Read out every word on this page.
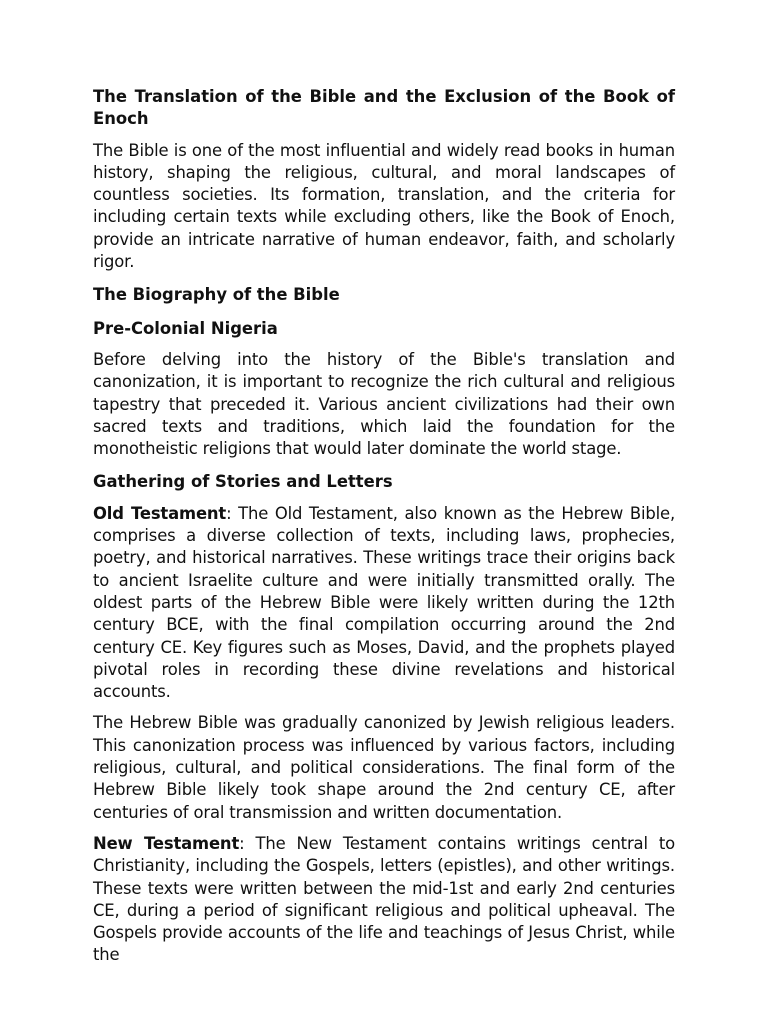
The Translation of the Bible and the Exclusion of the Book of Enoch

The Bible is one of the most influential and widely read books in human history, shaping the religious, cultural, and moral landscapes of countless societies. Its formation, translation, and the criteria for including certain texts while excluding others, like the Book of Enoch, provide an intricate narrative of human endeavor, faith, and scholarly rigor.

The Biography of the Bible

Pre-Colonial Nigeria

Before delving into the history of the Bible's translation and canonization, it is important to recognize the rich cultural and religious tapestry that preceded it. Various ancient civilizations had their own sacred texts and traditions, which laid the foundation for the monotheistic religions that would later dominate the world stage.

Gathering of Stories and Letters

Old Testament: The Old Testament, also known as the Hebrew Bible, comprises a diverse collection of texts, including laws, prophecies, poetry, and historical narratives. These writings trace their origins back to ancient Israelite culture and were initially transmitted orally. The oldest parts of the Hebrew Bible were likely written during the 12th century BCE, with the final compilation occurring around the 2nd century CE. Key figures such as Moses, David, and the prophets played pivotal roles in recording these divine revelations and historical accounts.

The Hebrew Bible was gradually canonized by Jewish religious leaders. This canonization process was influenced by various factors, including religious, cultural, and political considerations. The final form of the Hebrew Bible likely took shape around the 2nd century CE, after centuries of oral transmission and written documentation.

New Testament: The New Testament contains writings central to Christianity, including the Gospels, letters (epistles), and other writings. These texts were written between the mid-1st and early 2nd centuries CE, during a period of significant religious and political upheaval. The Gospels provide accounts of the life and teachings of Jesus Christ, while the
